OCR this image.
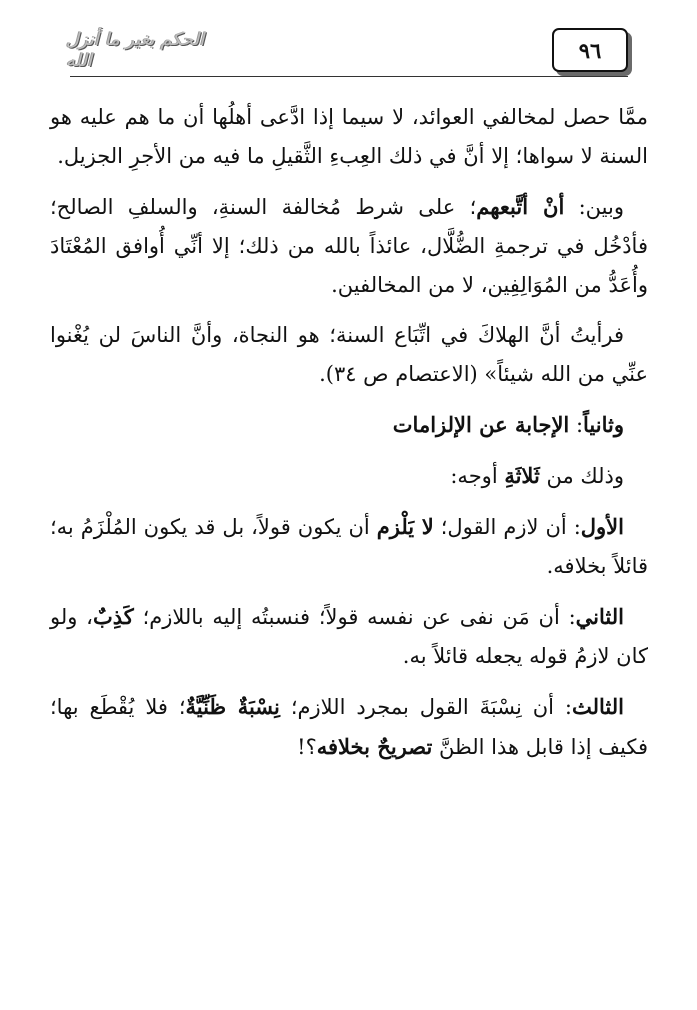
الحكم بغير ما أنزل الله	٩٦

ممَّا حصل لمخالفي العوائد، لا سيما إذا ادَّعى أهلُها أن ما هم عليه هو السنة لا سواها؛ إلا أنَّ في ذلك العِبءِ الثَّقيلِ ما فيه من الأجرِ الجزيل.

وبين: أنْ أتَّبعهم؛ على شرط مُخالفة السنةِ، والسلفِ الصالح؛ فأدْخُل في ترجمةِ الضُّلَّال، عائذاً بالله من ذلك؛ إلا أنِّي أُوافق المُعْتَادَ وأُعَدُّ من المُوَالِفِين، لا من المخالفين.

فرأيتُ أنَّ الهلاكَ في اتِّبَاع السنة؛ هو النجاة، وأنَّ الناسَ لن يُغْنوا عنِّي من الله شيئاً» (الاعتصام ص ٣٤).

وثانياً: الإجابة عن الإلزامات

وذلك من ثَلاثَةِ أوجه:

الأول: أن لازم القول؛ لا يَلْزم أن يكون قولاً، بل قد يكون المُلْزَمُ به؛ قائلاً بخلافه.

الثاني: أن مَن نفى عن نفسه قولاً؛ فنسبتُه إليه باللازم؛ كَذِبٌ، ولو كان لازمُ قوله يجعله قائلاً به.

الثالث: أن نِسْبَةَ القول بمجرد اللازم؛ نِسْبَةٌ ظَنِّيَّةٌ؛ فلا يُقْطَع بها؛ فكيف إذا قابل هذا الظنَّ تصريحٌ بخلافه؟!
